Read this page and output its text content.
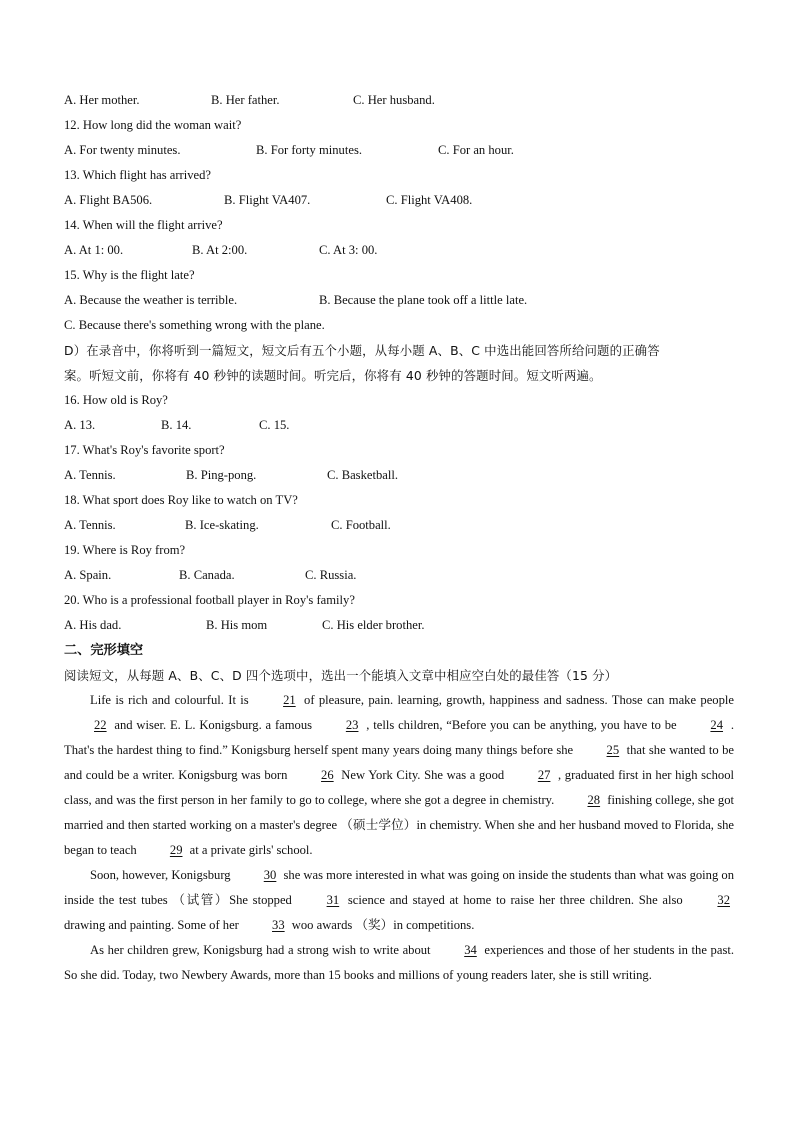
A. Her mother.	B. Her father.	C. Her husband.
12. How long did the woman wait?
A. For twenty minutes.	B. For forty minutes.	C. For an hour.
13. Which flight has arrived?
A. Flight BA506.	B. Flight VA407.	C. Flight VA408.
14. When will the flight arrive?
A. At 1: 00.	B. At 2:00.	C. At 3: 00.
15. Why is the flight late?
A. Because the weather is terrible.	B. Because the plane took off a little late.
C. Because there's something wrong with the plane.
D）在录音中，你将听到一篇短文，短文后有五个小题，从每小题 A、B、C 中选出能回答所给问题的正确答
案。听短文前，你将有 40 秒钟的读题时间。听完后，你将有 40 秒钟的答题时间。短文听两遍。
16. How old is Roy?
A. 13.	B. 14.	C. 15.
17. What's Roy's favorite sport?
A. Tennis.	B. Ping-pong.	C. Basketball.
18. What sport does Roy like to watch on TV?
A. Tennis.	B. Ice-skating.	C. Football.
19. Where is Roy from?
A. Spain.	B. Canada.	C. Russia.
20. Who is a professional football player in Roy's family?
A. His dad.	B. His mom	C. His elder brother.
二、完形填空
阅读短文，从每题 A、B、C、D 四个选项中，选出一个能填入文章中相应空白处的最佳答（15 分）

Life is rich and colourful. It is 21 of pleasure, pain. learning, growth, happiness and sadness. Those can make people 22 and wiser. E. L. Konigsburg. a famous 23 , tells children, “Before you can be anything, you have to be 24 . That's the hardest thing to find.” Konigsburg herself spent many years doing many things before she 25 that she wanted to be and could be a writer. Konigsburg was born 26 New York City. She was a good 27 , graduated first in her high school class, and was the first person in her family to go to college, where she got a degree in chemistry. 28 finishing college, she got married and then started working on a master's degree （硕士学位）in chemistry. When she and her husband moved to Florida, she began to teach 29 at a private girls' school.

Soon, however, Konigsburg 30 she was more interested in what was going on inside the students than what was going on inside the test tubes （试管）She stopped 31 science and stayed at home to raise her three children. She also 32 drawing and painting. Some of her 33 woo awards （奖）in competitions.

As her children grew, Konigsburg had a strong wish to write about 34 experiences and those of her students in the past. So she did. Today, two Newbery Awards, more than 15 books and millions of young readers later, she is still writing.
